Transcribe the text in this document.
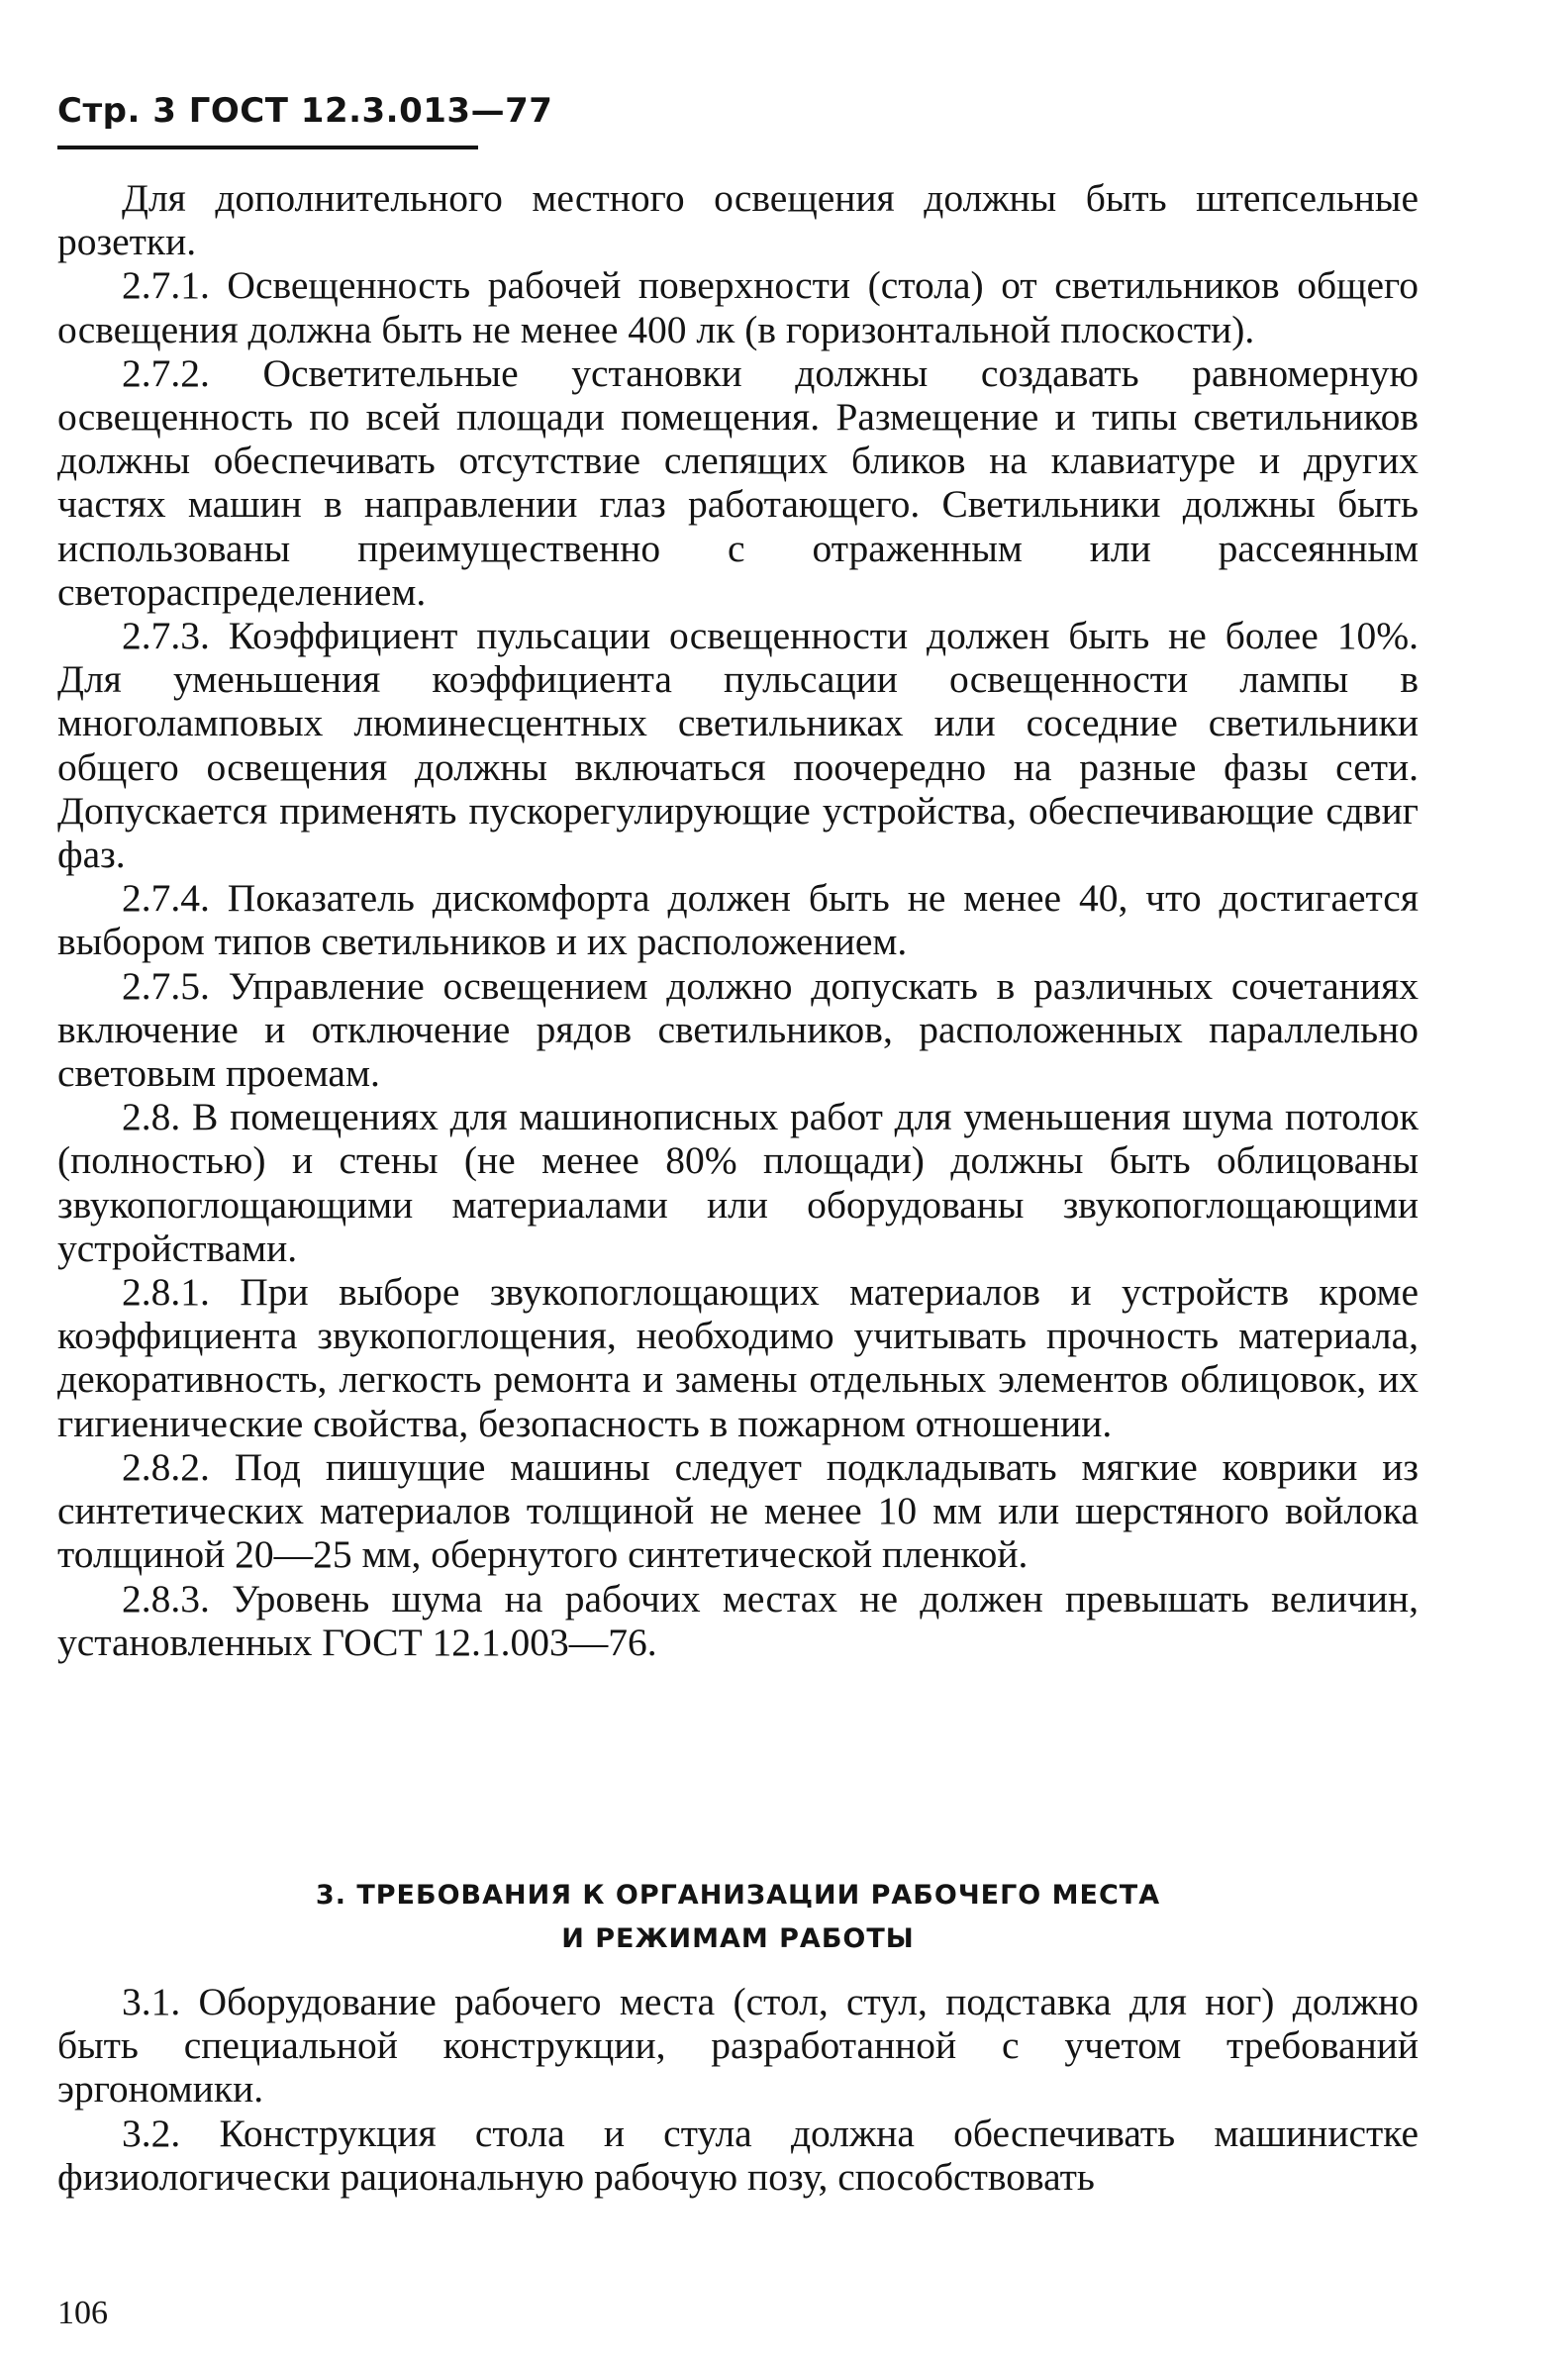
Стр. 3 ГОСТ 12.3.013—77

Для дополнительного местного освещения должны быть штепсельные розетки.

2.7.1. Освещенность рабочей поверхности (стола) от светильников общего освещения должна быть не менее 400 лк (в горизонтальной плоскости).

2.7.2. Осветительные установки должны создавать равномерную освещенность по всей площади помещения. Размещение и типы светильников должны обеспечивать отсутствие слепящих бликов на клавиатуре и других частях машин в направлении глаз работающего. Светильники должны быть использованы преимущественно с отраженным или рассеянным светораспределением.

2.7.3. Коэффициент пульсации освещенности должен быть не более 10%. Для уменьшения коэффициента пульсации освещенности лампы в многоламповых люминесцентных светильниках или соседние светильники общего освещения должны включаться поочередно на разные фазы сети. Допускается применять пускорегулирующие устройства, обеспечивающие сдвиг фаз.

2.7.4. Показатель дискомфорта должен быть не менее 40, что достигается выбором типов светильников и их расположением.

2.7.5. Управление освещением должно допускать в различных сочетаниях включение и отключение рядов светильников, расположенных параллельно световым проемам.

2.8. В помещениях для машинописных работ для уменьшения шума потолок (полностью) и стены (не менее 80% площади) должны быть облицованы звукопоглощающими материалами или оборудованы звукопоглощающими устройствами.

2.8.1. При выборе звукопоглощающих материалов и устройств кроме коэффициента звукопоглощения, необходимо учитывать прочность материала, декоративность, легкость ремонта и замены отдельных элементов облицовок, их гигиенические свойства, безопасность в пожарном отношении.

2.8.2. Под пишущие машины следует подкладывать мягкие коврики из синтетических материалов толщиной не менее 10 мм или шерстяного войлока толщиной 20—25 мм, обернутого синтетической пленкой.

2.8.3. Уровень шума на рабочих местах не должен превышать величин, установленных ГОСТ 12.1.003—76.

3. ТРЕБОВАНИЯ К ОРГАНИЗАЦИИ РАБОЧЕГО МЕСТА
И РЕЖИМАМ РАБОТЫ

3.1. Оборудование рабочего места (стол, стул, подставка для ног) должно быть специальной конструкции, разработанной с учетом требований эргономики.

3.2. Конструкция стола и стула должна обеспечивать машинистке физиологически рациональную рабочую позу, способствовать

106
